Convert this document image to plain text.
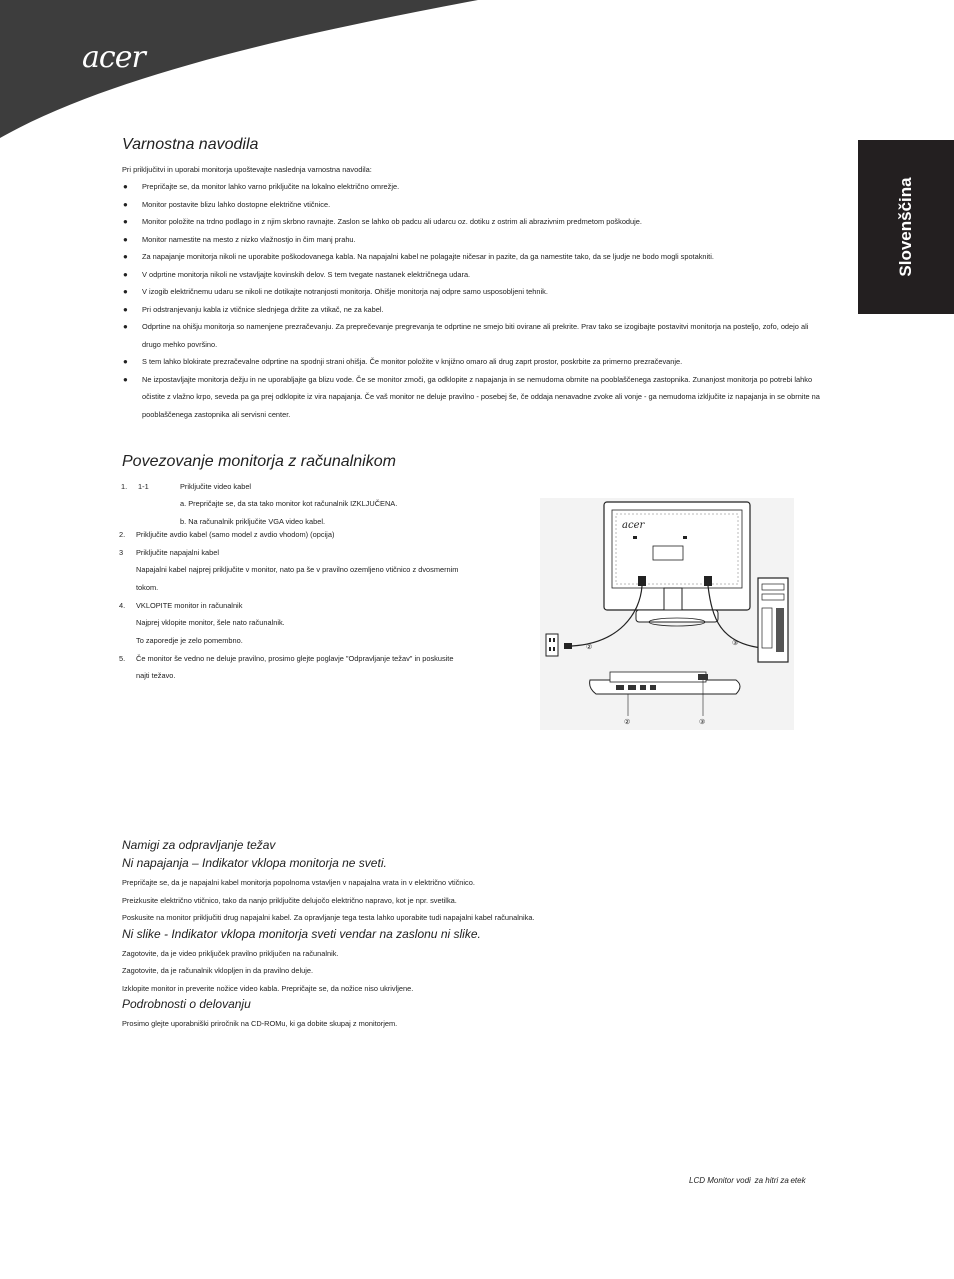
acer
Slovenščina
Varnostna navodila

Pri priključitvi in uporabi monitorja upoštevajte naslednja varnostna navodila:

● Prepričajte se, da monitor lahko varno priključite na lokalno električno omrežje.
● Monitor postavite blizu lahko dostopne električne vtičnice.
● Monitor položite na trdno podlago in z njim skrbno ravnajte. Zaslon se lahko ob padcu ali udarcu oz. dotiku z ostrim ali abrazivnim predmetom poškoduje.
● Monitor namestite na mesto z nizko vlažnostjo in čim manj prahu.
● Za napajanje monitorja nikoli ne uporabite poškodovanega kabla. Na napajalni kabel ne polagajte ničesar in pazite, da ga namestite tako, da se ljudje ne bodo mogli spotakniti.
● V odprtine monitorja nikoli ne vstavljajte kovinskih delov. S tem tvegate nastanek električnega udara.
● V izogib električnemu udaru se nikoli ne dotikajte notranjosti monitorja. Ohišje monitorja naj odpre samo usposobljeni tehnik.
● Pri odstranjevanju kabla iz vtičnice slednjega držite za vtikač, ne za kabel.
● Odprtine na ohišju monitorja so namenjene prezračevanju. Za preprečevanje pregrevanja te odprtine ne smejo biti ovirane ali prekrite. Prav tako se izogibajte postavitvi monitorja na posteljo, zofo, odejo ali drugo mehko površino.
● S tem lahko blokirate prezračevalne odprtine na spodnji strani ohišja. Če monitor položite v knjižno omaro ali drug zaprt prostor, poskrbite za primerno prezračevanje.
● Ne izpostavljajte monitorja dežju in ne uporabljajte ga blizu vode. Če se monitor zmoči, ga odklopite z napajanja in se nemudoma obrnite na pooblaščenega zastopnika. Zunanjost monitorja po potrebi lahko očistite z vlažno krpo, seveda pa ga prej odklopite iz vira napajanja. Če vaš monitor ne deluje pravilno - posebej še, če oddaja nenavadne zvoke ali vonje - ga nemudoma izključite iz napajanja in se obrnite na pooblaščenega zastopnika ali servisni center.
Povezovanje monitorja z računalnikom
1. 1-1	Priključite video kabel
a. Prepričajte se, da sta tako monitor kot računalnik IZKLJUČENA.
b. Na računalnik priključite VGA video kabel.
2. Priključite avdio kabel (samo model z avdio vhodom) (opcija)
3 Priključite napajalni kabel
Napajalni kabel najprej priključite v monitor, nato pa še v pravilno ozemljeno vtičnico z dvosmernim
tokom.
4. VKLOPITE monitor in računalnik
Najprej vklopite monitor, šele nato računalnik.
To zaporedje je zelo pomembno.
5. Če monitor še vedno ne deluje pravilno, prosimo glejte poglavje "Odpravljanje težav" in poskusite
najti težavo.
acer
②
③
②	③
Namigi za odpravljanje težav
Ni napajanja – Indikator vklopa monitorja ne sveti.

Prepričajte se, da je napajalni kabel monitorja popolnoma vstavljen v napajalna vrata in v električno vtičnico.

Preizkusite električno vtičnico, tako da nanjo priključite delujočo električno napravo, kot je npr. svetilka.

Poskusite na monitor priključiti drug napajalni kabel. Za opravljanje tega testa lahko uporabite tudi napajalni kabel računalnika.

Ni slike - Indikator vklopa monitorja sveti vendar na zaslonu ni slike.

Zagotovite, da je video priključek pravilno priključen na računalnik.

Zagotovite, da je računalnik vklopljen in da pravilno deluje.

Izklopite monitor in preverite nožice video kabla. Prepričajte se, da nožice niso ukrivljene.

Podrobnosti o delovanju

Prosimo glejte uporabniški priročnik na CD-ROMu, ki ga dobite skupaj z monitorjem.

LCD Monitor vodi  za hitri za etek
